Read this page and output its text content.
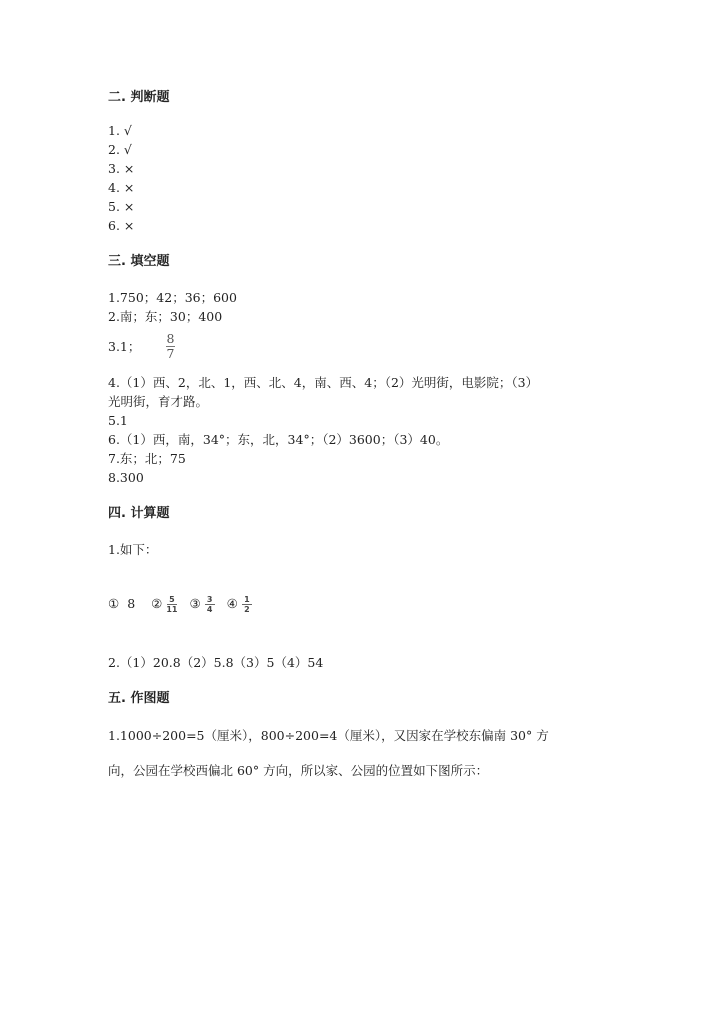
二. 判断题
1. √
2. √
3. ×
4. ×
5. ×
6. ×
三. 填空题
1.750；42；36；600
2.南；东；30；400
3.1；
8
7
4.（1）西、2，北、1，西、北、4，南、西、4；（2）光明街，电影院；（3）
光明街，育才路。
5.1
6.（1）西，南，34°；东，北，34°；（2）3600；（3）40。
7.东；北；75
8.300
四. 计算题
1.如下：
① 8 ② $\frac{5}{11}$ ③ $\frac{3}{4}$ ④ $\frac{1}{2}$
2.（1）20.8（2）5.8（3）5（4）54
五. 作图题
1.1000÷200=5（厘米），800÷200=4（厘米），又因家在学校东偏南 30° 方
向，公园在学校西偏北 60° 方向，所以家、公园的位置如下图所示：
